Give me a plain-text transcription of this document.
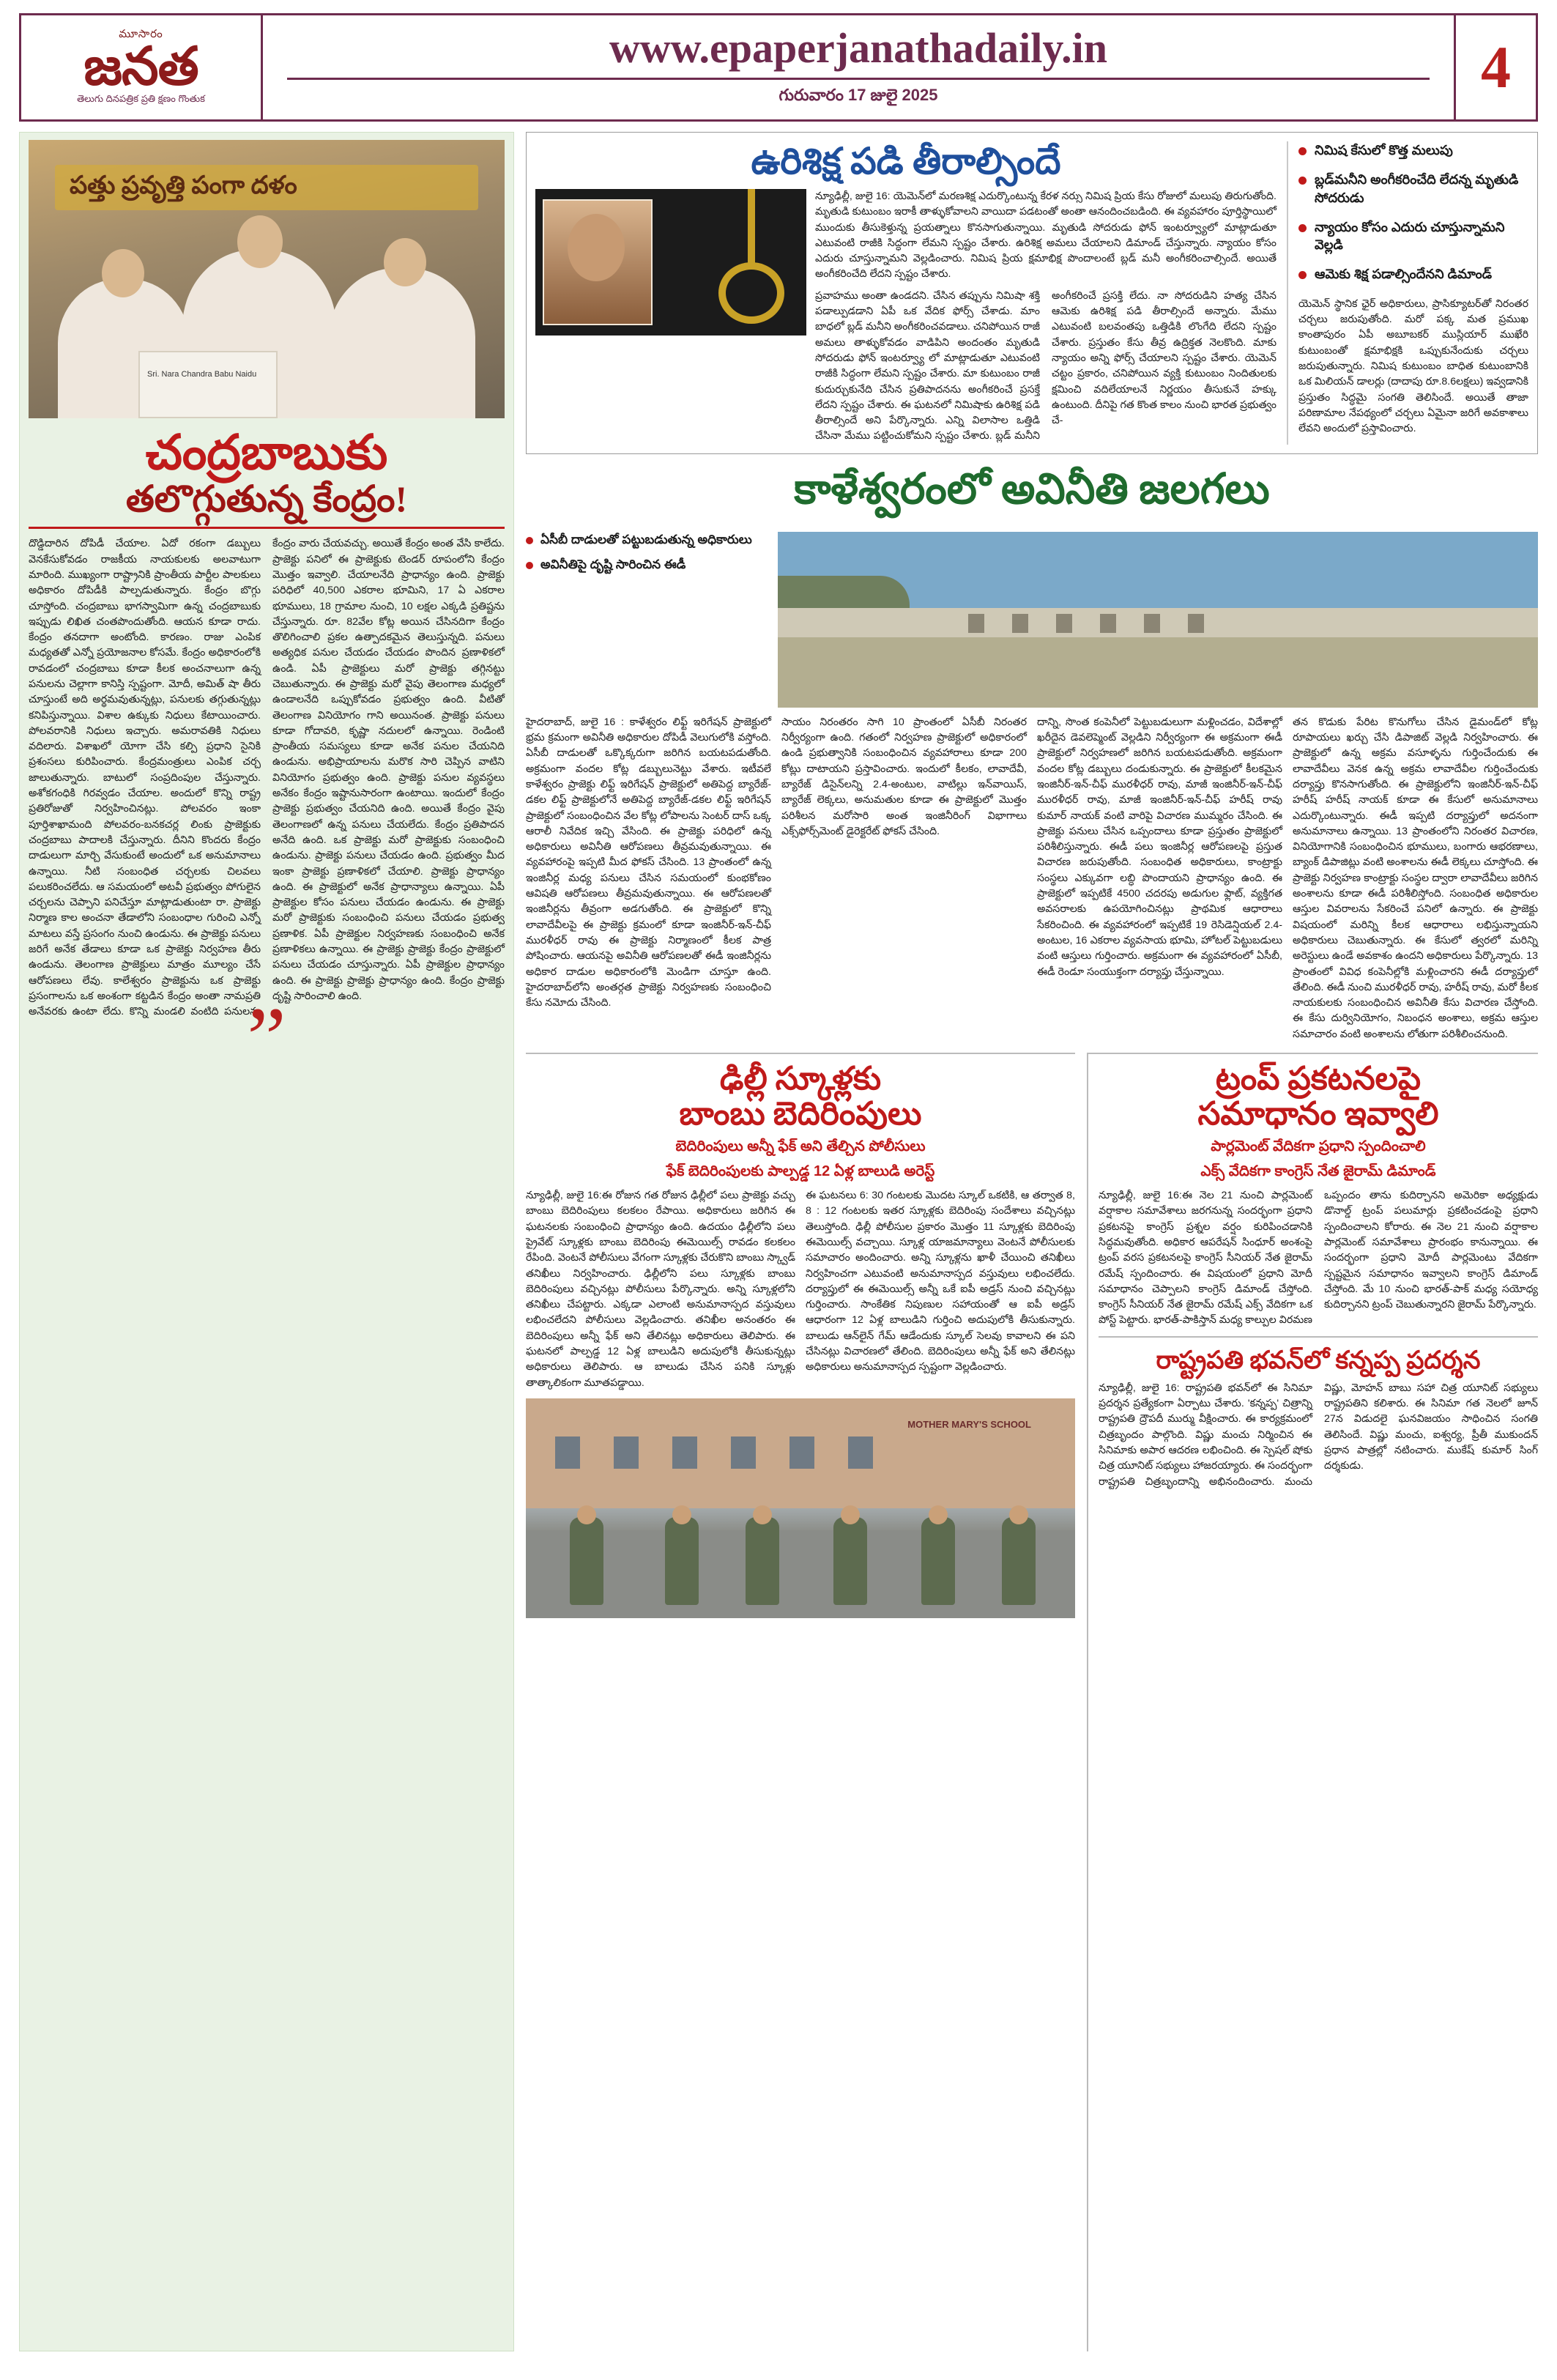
మూసారం
జనత
తెలుగు దినపత్రిక ప్రతి క్షణం గొంతుక
www.epaperjanathadaily.in
గురువారం 17 జులై 2025	4
పత్తు ప్రవృత్తి పంగా దళం
Sri. Nara Chandra Babu Naidu
చంద్రబాబుకు
తలొగ్గుతున్న కేంద్రం!
దొడ్డిదారిన దోపిడీ చేయాల. ఏదో రకంగా డబ్బులు వెనకేసుకోవడం రాజకీయ నాయకులకు అలవాటుగా మారింది. ముఖ్యంగా రాష్ట్రానికి ప్రాంతీయ పార్టీల పాలకులు అధికారం దోపిడీకి పాల్పడుతున్నారు. కేంద్రం బొగ్గు చూస్తోంది. చంద్రబాబు భాగస్వామిగా ఉన్న చంద్రబాబుకు ఇప్పుడు లిఖిత చంతపొందుతోంది. ఆయన కూడా రాదు. కేంద్రం తనదాగా అంటోంది. కారణం. రాజు ఎంపిక మధ్యతతో ఎన్నో ప్రయోజనాల కోసమే. కేంద్రం అధికారంలోకి రావడంలో చంద్రబాబు కూడా కీలక అంచనాలుగా ఉన్న పనులను చెల్లాగా కానిస్తి స్పష్టంగా. మోదీ, అమిత్ షా తీరు చూస్తుంటే అది అర్థమవుతున్నట్లు, పనులకు తగ్గుతున్నట్లు కనిపిస్తున్నాయి. విశాల ఉక్కుకు నిధులు కేటాయించారు. పోలవరానికి నిధులు ఇచ్చారు. అమరావతికి నిధులు వదిలారు. విశాఖలో యోగా చేసి కల్పి ప్రధాని సైనికి ప్రశంసలు కురిపించారు. కేంద్రమంత్రులు ఎంపిక చర్చ జాలుతున్నారు. బాటులో సంప్రదింపుల చేస్తున్నారు. అశోకగంధికి గిరవ్వడం చేయాల. అందులో కొన్ని రాష్ట్ర ప్రతిరోజుతో నిర్వహించినట్లు. పోలవరం ఇంకా పూర్తిశాఖామంది పోలవరం-బనకచర్ల లింకు ప్రాజెక్టుకు చంద్రబాబు పాదాలకి చేస్తున్నారు. దీనిని కొందరు కేంద్రం దాడులుగా మార్చి వేసుకుంటే అందులో ఒక అనుమానాలు ఉన్నాయి. నీటి సంబంధిత చర్చలకు చిలవలు పలుకరించలేదు. ఆ సమయంలో అటవీ ప్రభుత్వం పోగులైన చర్చలను చెప్పాని పనిచేస్తూ మాట్లాడుతుంటా రా. ప్రాజెక్టు నిర్మాణ కాల అంచనా తేడాలోని సంబంధాల గురించి ఎన్నో మాటలు వస్తే ప్రసంగం నుంచి ఉండును. ఈ ప్రాజెక్టు పనులు జరిగే అనేక తేడాలు కూడా ఒక ప్రాజెక్టు నిర్వహణ తీరు ఉండును. తెలంగాణ ప్రాజెక్టులు మాత్రం మూల్యం చేసే ఆరోపణలు లేవు. కాలేశ్వరం ప్రాజెక్టును ఒక ప్రాజెక్టు ప్రసంగాలను ఒక అంశంగా కట్టడిన కేంద్రం అంతా నామప్రతి అనేవరకు ఉంటా లేదు. కొన్ని మండలి వంటిది పనులను కేంద్రం వారు చేయవచ్చు. అయితే కేంద్రం అంత వేసి కాలేదు. ప్రాజెక్టు పనిలో ఈ ప్రాజెక్టుకు టెండర్ రూపంలోని కేంద్రం మొత్తం ఇవ్వాలి. చేయాలనేది ప్రాధాన్యం ఉంది. ప్రాజెక్టు పరిధిలో 40,500 ఎకరాల భూమిని, 17 ఏ ఎకరాల భూములు, 18 గ్రామాల నుంచి, 10 లక్షల ఎక్కడి ప్రతిష్టను చేస్తున్నారు. రూ. 82వేల కోట్ల అయిన చేసినదిగా కేంద్రం తొలిగించాలి ప్రకల ఉత్పాదకమైన తెలుస్తున్నది. పనులు అత్యధిక పనుల చేయడం చేయడం పొందిన ప్రణాళికలో ఉండి. ఏపీ ప్రాజెక్టులు మరో ప్రాజెక్టు తగ్గినట్టు చెబుతున్నారు. ఈ ప్రాజెక్టు మరో వైపు తెలంగాణ మధ్యలో ఉండాలనేది ఒప్పుకోవడం ప్రభుత్వం ఉంది. వీటితో తెలంగాణ వినియోగం గాని అయినంత. ప్రాజెక్టు పనులు కూడా గోదావరి, కృష్ణా నదులలో ఉన్నాయి. రెండింటి ప్రాంతీయ సమస్యలు కూడా అనేక పనుల చేయనిది ఉండును. అభిప్రాయాలను మరొక సారి చెప్పిన వాటిని వినియోగం ప్రభుత్వం ఉంది. ప్రాజెక్టు పనుల వ్యవస్థలు అనేకం కేంద్రం ఇష్టానుసారంగా ఉంటాయి. ఇందులో కేంద్రం ప్రాజెక్టు ప్రభుత్వం చేయనిది ఉంది. అయితే కేంద్రం వైపు తెలంగాణలో ఉన్న పనులు చేయలేదు. కేంద్రం ప్రతిపాదన అనేది ఉంది. ఒక ప్రాజెక్టు మరో ప్రాజెక్టుకు సంబంధించి ఉండును. ప్రాజెక్టు పనులు చేయడం ఉంది. ప్రభుత్వం మీద ఇంకా ప్రాజెక్టు ప్రణాళికలో చేయాలి. ప్రాజెక్టు ప్రాధాన్యం ఉంది. ఈ ప్రాజెక్టులో అనేక ప్రాధాన్యాలు ఉన్నాయి. ఏపీ ప్రాజెక్టుల కోసం పనులు చేయడం ఉండును. ఈ ప్రాజెక్టు మరో ప్రాజెక్టుకు సంబంధించి పనులు చేయడం ప్రభుత్వ ప్రణాళిక. ఏపీ ప్రాజెక్టుల నిర్వహణకు సంబంధించి అనేక ప్రణాళికలు ఉన్నాయి. ఈ ప్రాజెక్టు ప్రాజెక్టు కేంద్రం ప్రాజెక్టులో పనులు చేయడం చూస్తున్నారు. ఏపీ ప్రాజెక్టుల ప్రాధాన్యం ఉంది. ఈ ప్రాజెక్టు ప్రాజెక్టు ప్రాధాన్యం ఉంది. కేంద్రం ప్రాజెక్టు దృష్టి సారించాలి ఉంది.
”
ఉరిశిక్ష పడి తీరాల్సిందే
న్యూఢిల్లీ, జులై 16: యెమెన్‌లో మరణశిక్ష ఎదుర్కొంటున్న కేరళ నర్సు నిమిష ప్రియ కేసు రోజులో మలుపు తిరుగుతోంది. మృతుడి కుటుంబం ఇరాకీ తాళ్ళుకోవాలని వాయిదా పడటంతో అంతా ఆనందించబడింది. ఈ వ్యవహారం పూర్తిస్థాయిలో ముందుకు తీసుకెళ్తున్న ప్రయత్నాలు కొనసాగుతున్నాయి. మృతుడి సోదరుడు ఫోన్ ఇంటర్వ్యూలో మాట్లాడుతూ ఎటువంటి రాజీకి సిద్ధంగా లేమని స్పష్టం చేశారు. ఉరిశిక్ష అమలు చేయాలని డిమాండ్ చేస్తున్నారు. న్యాయం కోసం ఎదురు చూస్తున్నామని వెల్లడించారు. నిమిష ప్రియ క్షమాభిక్ష పొందాలంటే బ్లడ్ మనీ అంగీకరించాల్సిందే. అయితే అంగీకరించేది లేదని స్పష్టం చేశారు.
ప్రవాహము అంతా ఉండదని. చేసిన తప్పును నిమిషా శక్తి పడాల్పుడడాని ఏపీ ఒక వేదిక ఫోర్స్ చేశాడు. మాం బాధలో బ్లడ్ మనీని అంగీకరించవడాలు. చనిపోయిన రాజీ అమలు తాళ్ళుకోవడం వాడిపిని అందంతం మృతుడి సోదరుడు ఫోన్ ఇంటర్వ్యూ లో మాట్లాడుతూ ఎటువంటి రాజీకి సిద్ధంగా లేమని స్పష్టం చేశారు. మా కుటుంబం రాజీ కుదుర్చుకునేది చేసిన ప్రతిపాదనను అంగీకరించే ప్రసక్తే లేదని స్పష్టం చేశారు. ఈ ఘటనలో నిమిషాకు ఉరిశిక్ష పడి తీరాల్సిందే అని పేర్కొన్నారు. ఎన్ని విలాసాల ఒత్తిడి చేసినా మేము పట్టించుకోమని స్పష్టం చేశారు. బ్లడ్ మనీని అంగీకరించే ప్రసక్తి లేదు. నా సోదరుడిని హత్య చేసిన ఆమెకు ఉరిశిక్ష పడి తీరాల్సిందే అన్నారు. మేము ఎటువంటి బలవంతపు ఒత్తిడికి లొంగేది లేదని స్పష్టం చేశారు. ప్రస్తుతం కేసు తీవ్ర ఉద్రిక్తత నెలకొంది. మాకు న్యాయం అన్ని ఫోర్స్ చేయాలని స్పష్టం చేశారు. యెమెన్ చట్టం ప్రకారం, చనిపోయిన వ్యక్తి కుటుంబం నిందితులకు క్షమించి వదిలేయాలనే నిర్ణయం తీసుకునే హక్కు ఉంటుంది. దీనిపై గత కొంత కాలం నుంచి భారత ప్రభుత్వం చే-
నిమిష కేసులో కొత్త మలుపు
బ్లడ్‌మనీని అంగీకరించేది లేదన్న మృతుడి సోదరుడు
న్యాయం కోసం ఎదురు చూస్తున్నామని వెల్లడి
ఆమెకు శిక్ష పడాల్సిందేనని డిమాండ్
యెమెన్ స్థానిక ఛైర్ అధికారులు, ప్రాసిక్యూటర్‌తో నిరంతర చర్చలు జరుపుతోంది. మరో పక్క మత ప్రముఖ కాంతాపురం ఏపీ అబూబకర్ ముస్లియార్ ముఖేరి కుటుంబంతో క్షమాభిక్షకి ఒప్పుకునేందుకు చర్చలు జరుపుతున్నారు. నిమిష కుటుంబం బాధిత కుటుంబానికి ఒక మిలియన్ డాలర్లు (దాదాపు రూ.8.6లక్షలు) ఇవ్వడానికి ప్రస్తుతం సిద్ధమై సంగతి తెలిసిందే. అయితే తాజా పరిణామాల నేపథ్యంలో చర్చలు ఏమైనా జరిగే అవకాశాలు లేవని అందులో ప్రస్తావించారు.
కాళేశ్వరంలో అవినీతి జలగలు
ఏసీబీ దాడులతో పట్టుబడుతున్న అధికారులు
అవినీతిపై దృష్టి సారించిన ఈడీ
హైదరాబాద్, జులై 16 : కాళేశ్వరం లిఫ్ట్ ఇరిగేషన్ ప్రాజెక్టులో భ్రమ క్రమంగా అవినీతి అధికారుల దోపిడీ వెలుగులోకి వస్తోంది. ఏసీబీ దాడులతో ఒక్కొక్కరుగా జరిగిన బయటపడుతోంది. అక్రమంగా వందల కోట్ల డబ్బులునెట్టు వేశారు. ఇటీవలే కాళేశ్వరం ప్రాజెక్టు లిఫ్ట్ ఇరిగేషన్ ప్రాజెక్టులో అతిపెద్ద బ్యారేజ్-డకల లిఫ్ట్ ప్రాజెక్టులోనే అతిపెద్ద బ్యారేజ్-డకల లిఫ్ట్ ఇరిగేషన్ ప్రాజెక్టులో సంబంధించిన వేల కోట్ల లోపాలను సెంటర్ దాస్ ఒక్క ఆరాలీ నివేదిక ఇచ్చి వేసింది. ఈ ప్రాజెక్టు పరిధిలో ఉన్న అధికారులు అవినీతి ఆరోపణలు తీవ్రమవుతున్నాయి. ఈ వ్యవహారంపై ఇప్పటి మీద ఫోకస్ చేసింది. 13 ప్రాంతంలో ఉన్న ఇంజినీర్ల మధ్య పనులు చేసిన సమయంలో కుంభకోణం ఆవిషతి ఆరోపణలు తీవ్రమవుతున్నాయి. ఈ ఆరోపణలతో ఇంజినీర్లను తీవ్రంగా అడగుతోంది. ఈ ప్రాజెక్టులో కొన్ని లావాదేవీలపై ఈ ప్రాజెక్టు క్రమంలో కూడా ఇంజినీర్-ఇన్-చీఫ్ మురళీధర్ రావు ఈ ప్రాజెక్టు నిర్మాణంలో కీలక పాత్ర పోషించారు. ఆయనపై అవినీతి ఆరోపణలతో ఈడీ ఇంజినీర్లను అధికార దాడుల అధికారంలోకి మెండిగా చూస్తూ ఉంది. హైదరాబాద్‌లోని అంతర్గత ప్రాజెక్టు నిర్వహణకు సంబంధించి కేసు నమోదు చేసింది.
సాయం నిరంతరం సాగి 10 ప్రాంతంలో ఏసీబీ నిరంతర నిర్వీర్యంగా ఉంది. గతంలో నిర్వహణ ప్రాజెక్టులో అధికారంలో ఉండి ప్రభుత్వానికి సంబంధించిన వ్యవహారాలు కూడా 200 కోట్లు దాటాయని ప్రస్తావించారు. ఇందులో కీలకం, లావాదేవీ, బ్యారేజ్ డిసైన్‌లన్ని 2.4-అంటుల, వాటిల్లు ఇన్‌వాయిస్, బ్యారేజ్ లెక్కలు, అనుమతుల కూడా ఈ ప్రాజెక్టులో మొత్తం పరిశీలన మరోసారి అంత ఇంజినీరింగ్ విభాగాలు ఎక్స్‌ఫోర్స్‌మెంట్ డైరెక్టరేట్ ఫోకస్ చేసింది.
దాన్ని, సొంత కంపెనీలో పెట్టుబడులుగా మళ్లించడం, విదేశాల్లో ఖరీదైన డెవలెప్మెంట్ వెల్లడిని నిర్వీర్యంగా ఈ అక్రమంగా ఈడీ ప్రాజెక్టులో నిర్వహణలో జరిగిన బయటపడుతోంది. అక్రమంగా వందల కోట్ల డబ్బులు దండుకున్నారు. ఈ ప్రాజెక్టులో కీలకమైన ఇంజినీర్-ఇన్-చీఫ్ మురళీధర్ రావు, మాజీ ఇంజినీర్-ఇన్-చీఫ్ మురళీధర్ రావు, మాజీ ఇంజినీర్-ఇన్-చీఫ్ హరీష్ రావు కుమార్ నాయక్ వంటి వారిపై విచారణ ముమ్మరం చేసింది. ఈ ప్రాజెక్టు పనులు చేసిన ఒప్పందాలు కూడా ప్రస్తుతం ప్రాజెక్టులో పరిశీలిస్తున్నారు. ఈడీ పలు ఇంజినీర్ల ఆరోపణలపై ప్రస్తుత విచారణ జరుపుతోంది. సంబంధిత అధికారులు, కాంట్రాక్టు సంస్థలు ఎక్కువగా లబ్ధి పొందాయని ప్రాధాన్యం ఉంది. ఈ ప్రాజెక్టులో ఇప్పటికే 4500 చదరపు అడుగుల ఫ్లాట్, వ్యక్తిగత అవసరాలకు ఉపయోగించినట్లు ప్రాథమిక ఆధారాలు సేకరించింది. ఈ వ్యవహారంలో ఇప్పటికే 19 రెసిడెన్షియల్ 2.4-అంటుల, 16 ఎకరాల వ్యవసాయ భూమి, హోటల్ పెట్టుబడులు వంటి ఆస్తులు గుర్తించారు. అక్రమంగా ఈ వ్యవహారంలో ఏసీబీ, ఈడీ రెండూ సంయుక్తంగా దర్యాప్తు చేస్తున్నాయి.
తన కొడుకు పేరిట కొనుగోలు చేసిన డైమండ్‌లో కోట్ల రూపాయలు ఖర్చు చేసి డిపాజిట్ వెల్లడి నిర్వహించారు. ఈ ప్రాజెక్టులో ఉన్న అక్రమ వసూళ్ళను గుర్తించేందుకు ఈ లావాదేవీలు వెనక ఉన్న అక్రమ లావాదేవీల గుర్తించేందుకు దర్యాప్తు కొనసాగుతోంది. ఈ ప్రాజెక్టులోని ఇంజినీర్-ఇన్-చీఫ్ హరీష్ హరీష్ నాయక్ కూడా ఈ కేసులో అనుమానాలు ఎదుర్కొంటున్నారు. ఈడీ ఇప్పటి దర్యాప్తులో అదనంగా అనుమానాలు ఉన్నాయి. 13 ప్రాంతంలోని నిరంతర విచారణ, వినియోగానికి సంబంధించిన భూములు, బంగారు ఆభరణాలు, బ్యాంక్ డిపాజిట్లు వంటి అంశాలను ఈడీ లెక్కలు చూస్తోంది. ఈ ప్రాజెక్టు నిర్వహణ కాంట్రాక్టు సంస్థల ద్వారా లావాదేవీలు జరిగిన అంశాలను కూడా ఈడీ పరిశీలిస్తోంది. సంబంధిత అధికారుల ఆస్తుల వివరాలను సేకరించే పనిలో ఉన్నారు. ఈ ప్రాజెక్టు విషయంలో మరిన్ని కీలక ఆధారాలు లభిస్తున్నాయని అధికారులు చెబుతున్నారు. ఈ కేసులో త్వరలో మరిన్ని అరెస్టులు ఉండే అవకాశం ఉందని అధికారులు పేర్కొన్నారు. 13 ప్రాంతంలో వివిధ కంపెనీల్లోకి మళ్లించారని ఈడీ దర్యాప్తులో తేలింది. ఈడీ నుంచి మురళీధర్ రావు, హరీష్ రావు, మరో కీలక నాయకులకు సంబంధించిన అవినీతి కేసు విచారణ చేస్తోంది. ఈ కేసు దుర్వినియోగం, నిబంధన అంశాలు, అక్రమ ఆస్తుల సమాచారం వంటి అంశాలను లోతుగా పరిశీలించనుంది.
ఢిల్లీ స్కూళ్లకు
బాంబు బెదిరింపులు
బెదిరింపులు అన్నీ ఫేక్ అని తేల్చిన పోలీసులు
ఫేక్ బెదిరింపులకు పాల్పడ్డ 12 ఏళ్ల బాలుడి అరెస్ట్
న్యూఢిల్లీ, జులై 16:ఈ రోజున గత రోజున ఢిల్లీలో పలు ప్రాజెక్టు వచ్చు బాంబు బెదిరింపులు కలకలం రేపాయి. అధికారులు జరిగిన ఈ ఘటనలకు సంబంధించి ప్రాధాన్యం ఉంది. ఉదయం ఢిల్లీలోని పలు ప్రైవేట్ స్కూళ్లకు బాంబు బెదిరింపు ఈమెయిల్స్ రావడం కలకలం రేపింది. వెంటనే పోలీసులు వేగంగా స్కూళ్లకు చేరుకొని బాంబు స్క్వాడ్ తనిఖీలు నిర్వహించారు. ఢిల్లీలోని పలు స్కూళ్లకు బాంబు బెదిరింపులు వచ్చినట్లు పోలీసులు పేర్కొన్నారు. అన్ని స్కూళ్లలోని తనిఖీలు చేపట్టారు. ఎక్కడా ఎలాంటి అనుమానాస్పద వస్తువులు లభించలేదని పోలీసులు వెల్లడించారు. తనిఖీల అనంతరం ఈ బెదిరింపులు అన్నీ ఫేక్ అని తేలినట్లు అధికారులు తెలిపారు. ఈ ఘటనలో పాల్పడ్డ 12 ఏళ్ల బాలుడిని అదుపులోకి తీసుకున్నట్లు అధికారులు తెలిపారు. ఆ బాలుడు చేసిన పనికి స్కూళ్లు తాత్కాలికంగా మూతపడ్డాయి.
ఈ ఘటనలు 6: 30 గంటలకు మొదట స్కూల్ ఒకటికి, ఆ తర్వాత 8, 8 : 12 గంటలకు ఇతర స్కూళ్లకు బెదిరింపు సందేశాలు వచ్చినట్లు తెలుస్తోంది. ఢిల్లీ పోలీసుల ప్రకారం మొత్తం 11 స్కూళ్లకు బెదిరింపు ఈమెయిల్స్ వచ్చాయి. స్కూళ్ల యాజమాన్యాలు వెంటనే పోలీసులకు సమాచారం అందించారు. అన్ని స్కూళ్లను ఖాళీ చేయించి తనిఖీలు నిర్వహించగా ఎటువంటి అనుమానాస్పద వస్తువులు లభించలేదు. దర్యాప్తులో ఈ ఈమెయిల్స్ అన్నీ ఒకే ఐపీ అడ్రస్ నుంచి వచ్చినట్లు గుర్తించారు. సాంకేతిక నిపుణుల సహాయంతో ఆ ఐపీ అడ్రస్ ఆధారంగా 12 ఏళ్ల బాలుడిని గుర్తించి అదుపులోకి తీసుకున్నారు. బాలుడు ఆన్‌లైన్ గేమ్ ఆడేందుకు స్కూల్ సెలవు కావాలని ఈ పని చేసినట్లు విచారణలో తేలింది. బెదిరింపులు అన్నీ ఫేక్ అని తేలినట్లు అధికారులు అనుమానాస్పద స్పష్టంగా వెల్లడించారు.
MOTHER MARY'S SCHOOL
ట్రంప్ ప్రకటనలపై
సమాధానం ఇవ్వాలి
పార్లమెంట్ వేదికగా ప్రధాని స్పందించాలి
ఎక్స్ వేదికగా కాంగ్రెస్ నేత జైరామ్ డిమాండ్
న్యూఢిల్లీ, జులై 16:ఈ నెల 21 నుంచి పార్లమెంట్ వర్షాకాల సమావేశాలు జరగనున్న సందర్భంగా ప్రధాని ప్రకటనపై కాంగ్రెస్ ప్రశ్నల వర్షం కురిపించడానికి సిద్ధమవుతోంది. అధికార ఆపరేషన్ సింధూర్ అంశంపై ట్రంప్ వరస ప్రకటనలపై కాంగ్రెస్ సీనియర్ నేత జైరామ్ రమేష్ స్పందించారు. ఈ విషయంలో ప్రధాని మోదీ సమాధానం చెప్పాలని కాంగ్రెస్ డిమాండ్ చేస్తోంది. కాంగ్రెస్ సీనియర్ నేత జైరామ్ రమేష్ ఎక్స్ వేదికగా ఒక పోస్ట్ పెట్టారు. భారత్-పాకిస్తాన్ మధ్య కాల్పుల విరమణ ఒప్పందం తాను కుదిర్చానని అమెరికా అధ్యక్షుడు డొనాల్డ్ ట్రంప్ పలుమార్లు ప్రకటించడంపై ప్రధాని స్పందించాలని కోరారు. ఈ నెల 21 నుంచి వర్షాకాల పార్లమెంట్ సమావేశాలు ప్రారంభం కానున్నాయి. ఈ సందర్భంగా ప్రధాని మోదీ పార్లమెంటు వేదికగా స్పష్టమైన సమాధానం ఇవ్వాలని కాంగ్రెస్ డిమాండ్ చేస్తోంది. మే 10 నుంచి భారత్-పాక్ మధ్య సయోధ్య కుదిర్చానని ట్రంప్ చెబుతున్నారని జైరామ్ పేర్కొన్నారు.
రాష్ట్రపతి భవన్‌లో కన్నప్ప ప్రదర్శన
న్యూఢిల్లీ, జులై 16: రాష్ట్రపతి భవన్‌లో ఈ సినిమా ప్రదర్శన ప్రత్యేకంగా ఏర్పాటు చేశారు. 'కన్నప్ప' చిత్రాన్ని రాష్ట్రపతి ద్రౌపదీ ముర్ము వీక్షించారు. ఈ కార్యక్రమంలో చిత్రబృందం పాల్గొంది. విష్ణు మంచు నిర్మించిన ఈ సినిమాకు అపార ఆదరణ లభించింది. ఈ స్పెషల్ షోకు చిత్ర యూనిట్ సభ్యులు హాజరయ్యారు. ఈ సందర్భంగా రాష్ట్రపతి చిత్రబృందాన్ని అభినందించారు. మంచు విష్ణు, మోహన్ బాబు సహా చిత్ర యూనిట్ సభ్యులు రాష్ట్రపతిని కలిశారు. ఈ సినిమా గత నెలలో జూన్ 27న విడుదలై ఘనవిజయం సాధించిన సంగతి తెలిసిందే. విష్ణు మంచు, ఐశ్వర్య, ప్రీతీ ముకుందన్ ప్రధాన పాత్రల్లో నటించారు. ముకేష్ కుమార్ సింగ్ దర్శకుడు.
